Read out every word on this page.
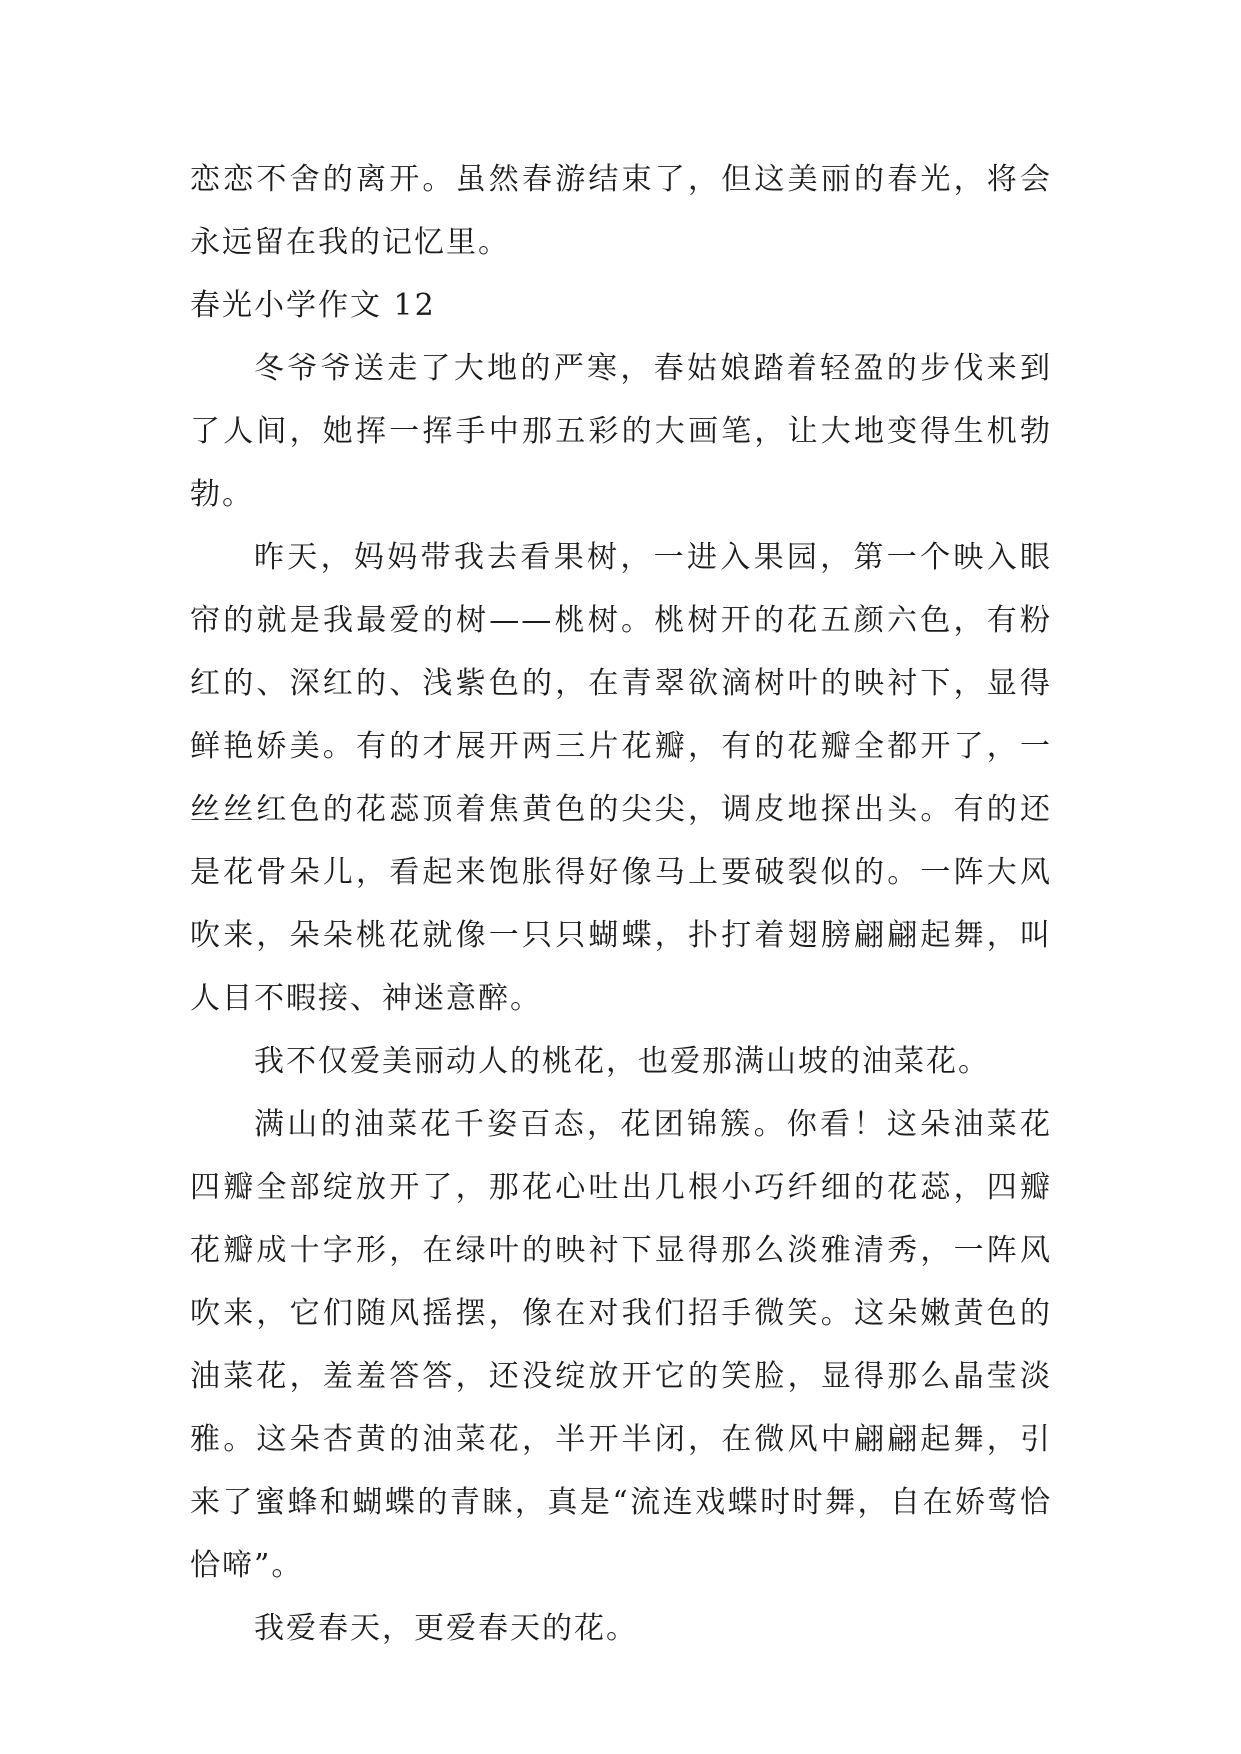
恋恋不舍的离开。虽然春游结束了，但这美丽的春光，将会永远留在我的记忆里。

春光小学作文 12

冬爷爷送走了大地的严寒，春姑娘踏着轻盈的步伐来到了人间，她挥一挥手中那五彩的大画笔，让大地变得生机勃勃。

昨天，妈妈带我去看果树，一进入果园，第一个映入眼帘的就是我最爱的树——桃树。桃树开的花五颜六色，有粉红的、深红的、浅紫色的，在青翠欲滴树叶的映衬下，显得鲜艳娇美。有的才展开两三片花瓣，有的花瓣全都开了，一丝丝红色的花蕊顶着焦黄色的尖尖，调皮地探出头。有的还是花骨朵儿，看起来饱胀得好像马上要破裂似的。一阵大风吹来，朵朵桃花就像一只只蝴蝶，扑打着翅膀翩翩起舞，叫人目不暇接、神迷意醉。

我不仅爱美丽动人的桃花，也爱那满山坡的油菜花。

满山的油菜花千姿百态，花团锦簇。你看！这朵油菜花四瓣全部绽放开了，那花心吐出几根小巧纤细的花蕊，四瓣花瓣成十字形，在绿叶的映衬下显得那么淡雅清秀，一阵风吹来，它们随风摇摆，像在对我们招手微笑。这朵嫩黄色的油菜花，羞羞答答，还没绽放开它的笑脸，显得那么晶莹淡雅。这朵杏黄的油菜花，半开半闭，在微风中翩翩起舞，引来了蜜蜂和蝴蝶的青睐，真是“流连戏蝶时时舞，自在娇莺恰恰啼”。

我爱春天，更爱春天的花。
